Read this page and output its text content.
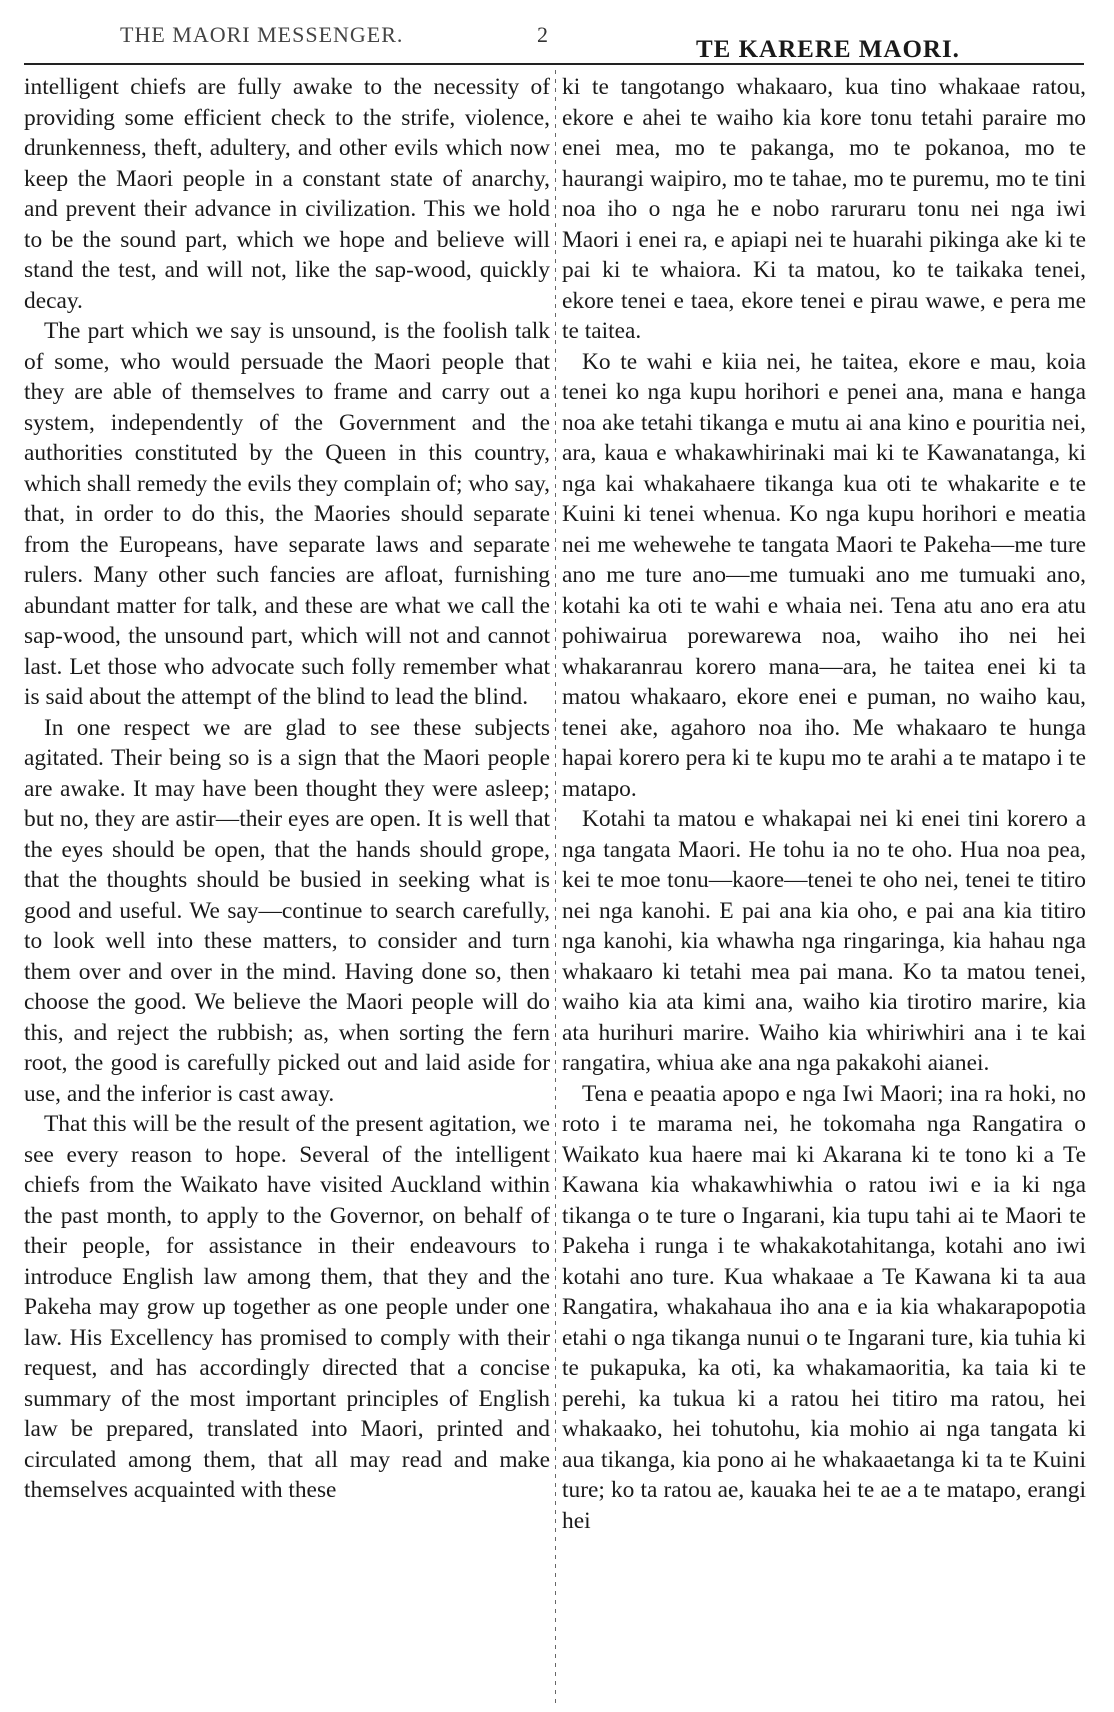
THE MAORI MESSENGER.	2
TE KARERE MAORI.

intelligent chiefs are fully awake to the necessity of providing some efficient check to the strife, violence, drunkenness, theft, adultery, and other evils which now keep the Maori people in a constant state of anarchy, and prevent their advance in civilization. This we hold to be the sound part, which we hope and believe will stand the test, and will not, like the sap-wood, quickly decay.

The part which we say is unsound, is the foolish talk of some, who would persuade the Maori people that they are able of themselves to frame and carry out a system, independently of the Government and the authorities constituted by the Queen in this country, which shall remedy the evils they complain of; who say, that, in order to do this, the Maories should separate from the Europeans, have separate laws and separate rulers. Many other such fancies are afloat, furnishing abundant matter for talk, and these are what we call the sap-wood, the unsound part, which will not and cannot last. Let those who advocate such folly remember what is said about the attempt of the blind to lead the blind.

In one respect we are glad to see these subjects agitated. Their being so is a sign that the Maori people are awake. It may have been thought they were asleep; but no, they are astir—their eyes are open. It is well that the eyes should be open, that the hands should grope, that the thoughts should be busied in seeking what is good and useful. We say—continue to search carefully, to look well into these matters, to consider and turn them over and over in the mind. Having done so, then choose the good. We believe the Maori people will do this, and reject the rubbish; as, when sorting the fern root, the good is carefully picked out and laid aside for use, and the inferior is cast away.

That this will be the result of the present agitation, we see every reason to hope. Several of the intelligent chiefs from the Waikato have visited Auckland within the past month, to apply to the Governor, on behalf of their people, for assistance in their endeavours to introduce English law among them, that they and the Pakeha may grow up together as one people under one law. His Excellency has promised to comply with their request, and has accordingly directed that a concise summary of the most important principles of English law be prepared, translated into Maori, printed and circulated among them, that all may read and make themselves acquainted with these

ki te tangotango whakaaro, kua tino whakaae ratou, ekore e ahei te waiho kia kore tonu tetahi paraire mo enei mea, mo te pakanga, mo te pokanoa, mo te haurangi waipiro, mo te tahae, mo te puremu, mo te tini noa iho o nga he e nobo raruraru tonu nei nga iwi Maori i enei ra, e apiapi nei te huarahi pikinga ake ki te pai ki te whaiora. Ki ta matou, ko te taikaka tenei, ekore tenei e taea, ekore tenei e pirau wawe, e pera me te taitea.

Ko te wahi e kiia nei, he taitea, ekore e mau, koia tenei ko nga kupu horihori e penei ana, mana e hanga noa ake tetahi tikanga e mutu ai ana kino e pouritia nei, ara, kaua e whakawhirinaki mai ki te Kawanatanga, ki nga kai whakahaere tikanga kua oti te whakarite e te Kuini ki tenei whenua. Ko nga kupu horihori e meatia nei me wehewehe te tangata Maori te Pakeha—me ture ano me ture ano—me tumuaki ano me tumuaki ano, kotahi ka oti te wahi e whaia nei. Tena atu ano era atu pohiwairua porewarewa noa, waiho iho nei hei whakaranrau korero mana—ara, he taitea enei ki ta matou whakaaro, ekore enei e puman, no waiho kau, tenei ake, agahoro noa iho. Me whakaaro te hunga hapai korero pera ki te kupu mo te arahi a te matapo i te matapo.

Kotahi ta matou e whakapai nei ki enei tini korero a nga tangata Maori. He tohu ia no te oho. Hua noa pea, kei te moe tonu—kaore—tenei te oho nei, tenei te titiro nei nga kanohi. E pai ana kia oho, e pai ana kia titiro nga kanohi, kia whawha nga ringaringa, kia hahau nga whakaaro ki tetahi mea pai mana. Ko ta matou tenei, waiho kia ata kimi ana, waiho kia tirotiro marire, kia ata hurihuri marire. Waiho kia whiriwhiri ana i te kai rangatira, whiua ake ana nga pakakohi aianei.

Tena e peaatia apopo e nga Iwi Maori; ina ra hoki, no roto i te marama nei, he tokomaha nga Rangatira o Waikato kua haere mai ki Akarana ki te tono ki a Te Kawana kia whakawhiwhia o ratou iwi e ia ki nga tikanga o te ture o Ingarani, kia tupu tahi ai te Maori te Pakeha i runga i te whakakotahitanga, kotahi ano iwi kotahi ano ture. Kua whakaae a Te Kawana ki ta aua Rangatira, whakahaua iho ana e ia kia whakarapopotia etahi o nga tikanga nunui o te Ingarani ture, kia tuhia ki te pukapuka, ka oti, ka whakamaoritia, ka taia ki te perehi, ka tukua ki a ratou hei titiro ma ratou, hei whakaako, hei tohutohu, kia mohio ai nga tangata ki aua tikanga, kia pono ai he whakaaetanga ki ta te Kuini ture; ko ta ratou ae, kauaka hei te ae a te matapo, erangi hei
